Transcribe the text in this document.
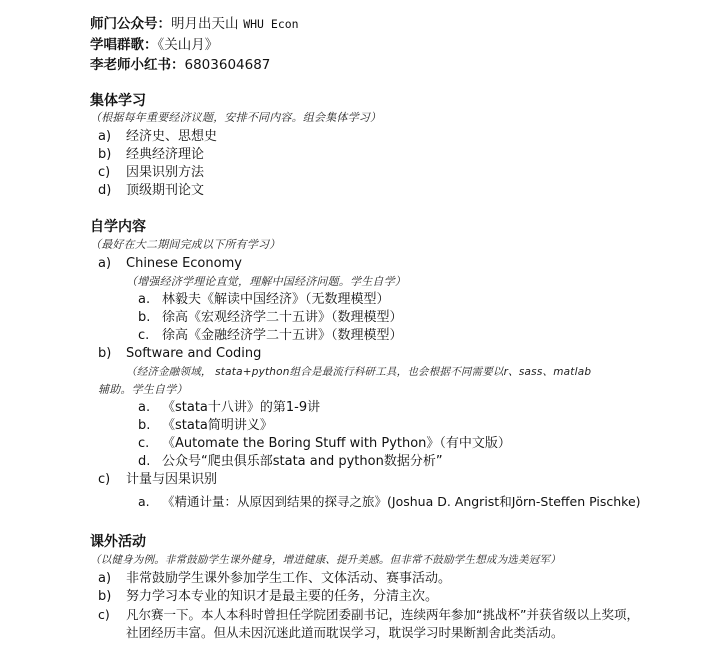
师门公众号：明月出天山 WHU Econ
学唱群歌：《关山月》
李老师小红书：6803604687
集体学习
（根据每年重要经济议题，安排不同内容。组会集体学习）
a) 经济史、思想史
b) 经典经济理论
c) 因果识别方法
d) 顶级期刊论文
自学内容
（最好在大二期间完成以下所有学习）
a) Chinese Economy
（增强经济学理论直觉，理解中国经济问题。学生自学）
a. 林毅夫《解读中国经济》（无数理模型）
b. 徐高《宏观经济学二十五讲》（数理模型）
c. 徐高《金融经济学二十五讲》（数理模型）
b) Software and Coding
（经济金融领域， stata+python组合是最流行科研工具，也会根据不同需要以r、sass、matlab
辅助。学生自学）
a. 《stata十八讲》的第1-9讲
b. 《stata简明讲义》
c. 《Automate the Boring Stuff with Python》（有中文版）
d. 公众号“爬虫俱乐部stata and python数据分析”
c) 计量与因果识别
a. 《精通计量：从原因到结果的探寻之旅》(Joshua D. Angrist和Jörn-Steffen Pischke)
课外活动
（以健身为例。非常鼓励学生课外健身，增进健康、提升美感。但非常不鼓励学生想成为选美冠军）
a) 非常鼓励学生课外参加学生工作、文体活动、赛事活动。
b) 努力学习本专业的知识才是最主要的任务，分清主次。
c) 凡尔赛一下。本人本科时曾担任学院团委副书记，连续两年参加“挑战杯”并获省级以上奖项，
社团经历丰富。但从未因沉迷此道而耽误学习，耽误学习时果断割舍此类活动。
